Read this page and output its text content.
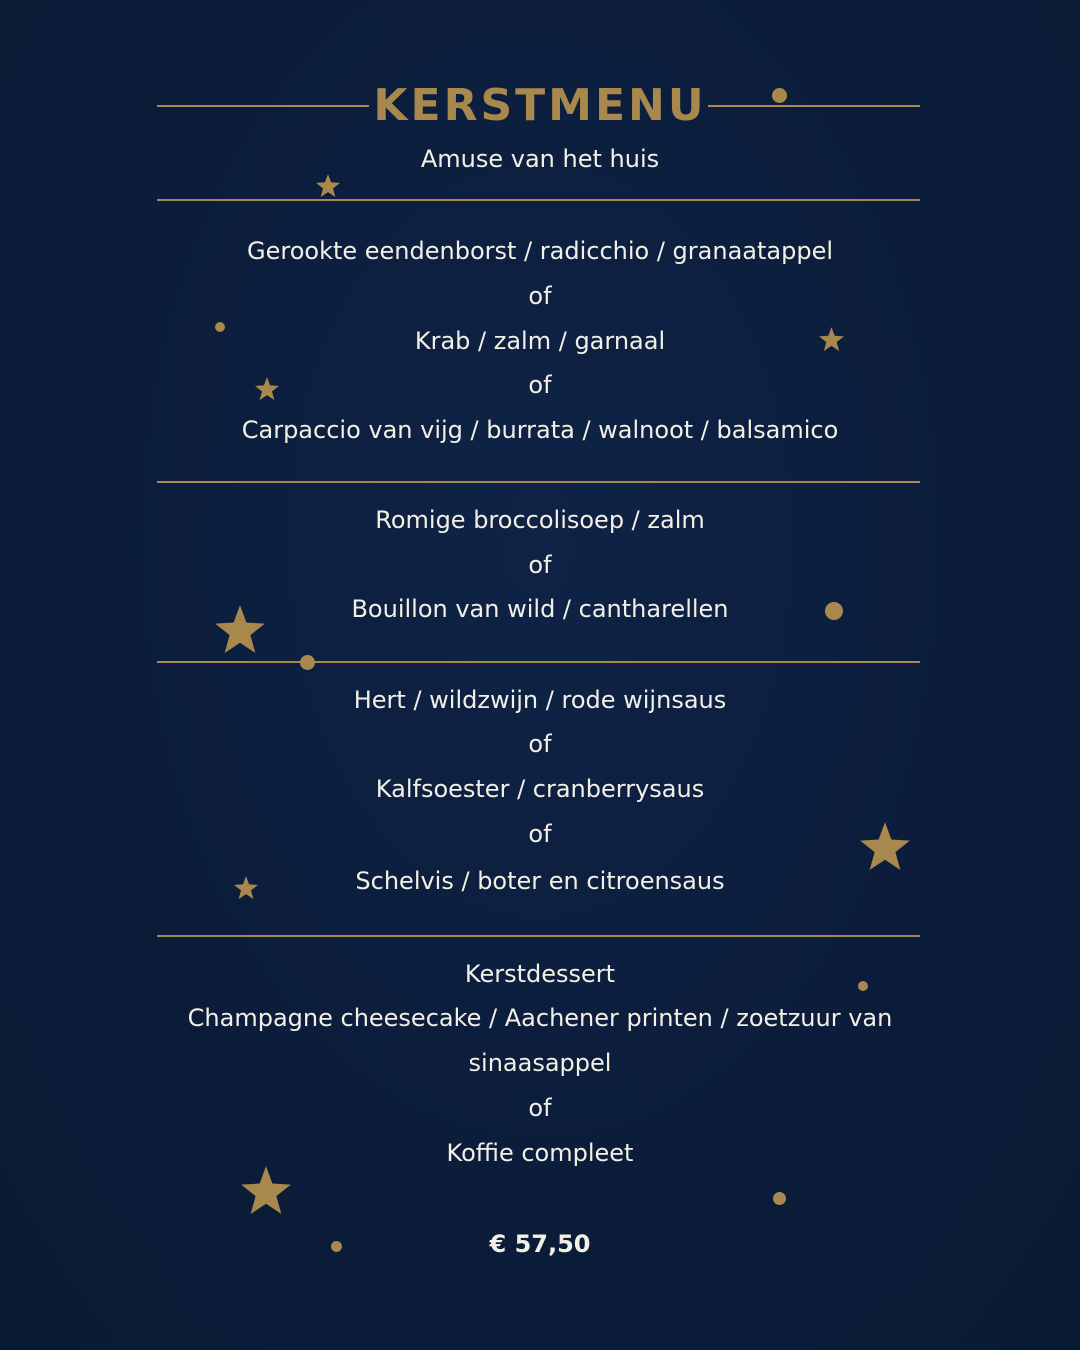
KERSTMENU
Amuse van het huis
Gerookte eendenborst / radicchio / granaatappel
of
Krab / zalm / garnaal
of
Carpaccio van vijg / burrata / walnoot / balsamico
Romige broccolisoep / zalm
of
Bouillon van wild / cantharellen
Hert / wildzwijn / rode wijnsaus
of
Kalfsoester / cranberrysaus
of
Schelvis / boter en citroensaus
Kerstdessert
Champagne cheesecake / Aachener printen / zoetzuur van
sinaasappel
of
Koffie compleet
€ 57,50
